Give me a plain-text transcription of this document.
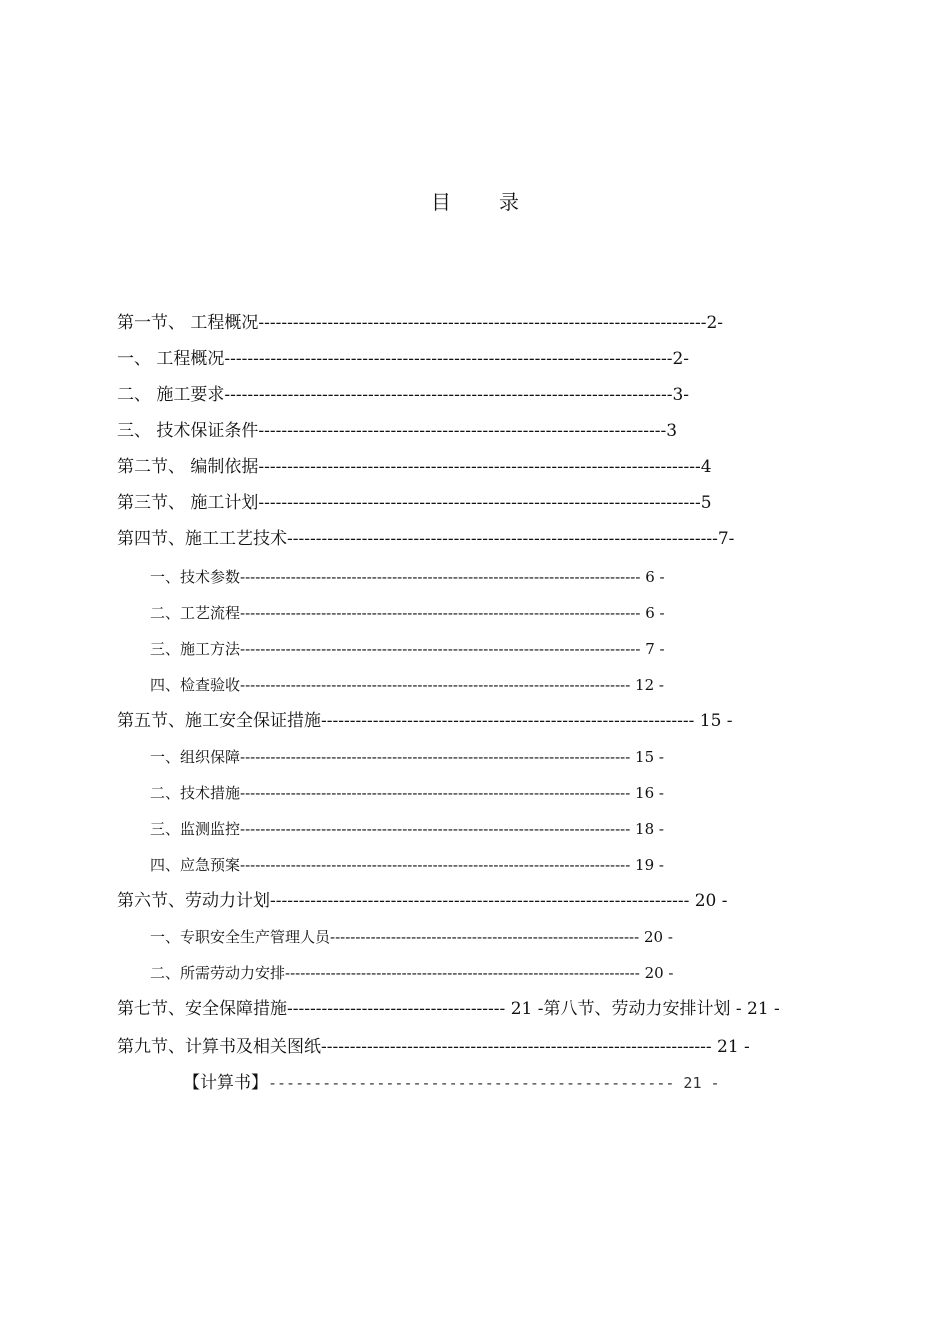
目 录
第一节、 工程概况------------------------------------------------------------------------------2-
一、 工程概况------------------------------------------------------------------------------2-
二、 施工要求------------------------------------------------------------------------------3-
三、 技术保证条件-----------------------------------------------------------------------3
第二节、 编制依据-----------------------------------------------------------------------------4
第三节、 施工计划-----------------------------------------------------------------------------5
第四节、施工工艺技术---------------------------------------------------------------------------7-
一、技术参数------------------------------------------------------------------------------- 6 -
二、工艺流程------------------------------------------------------------------------------- 6 -
三、施工方法------------------------------------------------------------------------------- 7 -
四、检查验收----------------------------------------------------------------------------- 12 -
第五节、施工安全保证措施----------------------------------------------------------------- 15 -
一、组织保障----------------------------------------------------------------------------- 15 -
二、技术措施----------------------------------------------------------------------------- 16 -
三、监测监控----------------------------------------------------------------------------- 18 -
四、应急预案----------------------------------------------------------------------------- 19 -
第六节、劳动力计划------------------------------------------------------------------------- 20 -
一、专职安全生产管理人员------------------------------------------------------------- 20 -
二、所需劳动力安排---------------------------------------------------------------------- 20 -
第七节、安全保障措施-------------------------------------- 21 -第八节、劳动力安排计划 - 21 -
第九节、计算书及相关图纸-------------------------------------------------------------------- 21 -
【计算书】--------------------------------------------- 21 -
